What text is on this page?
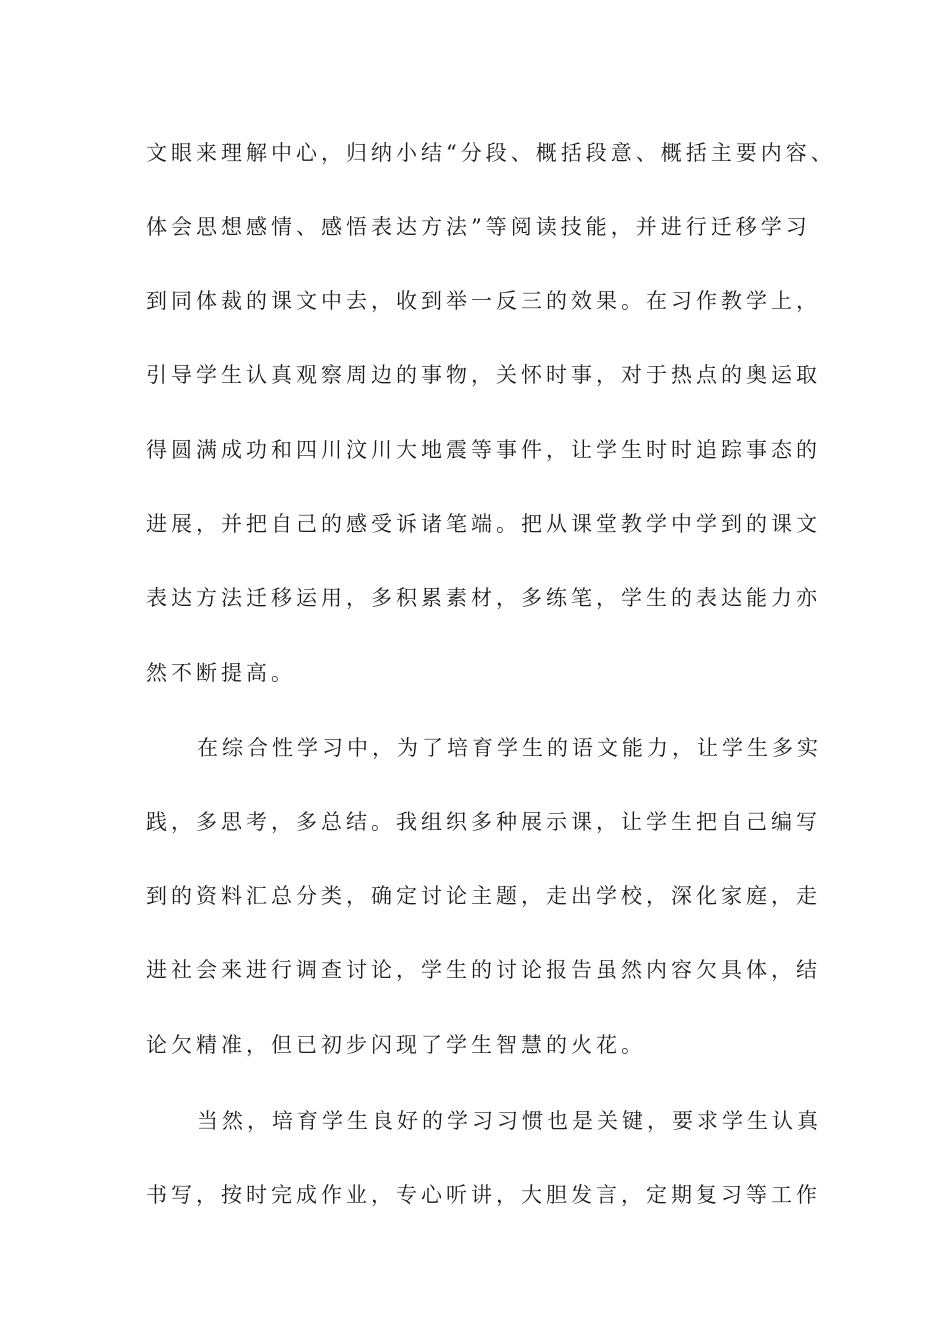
文眼来理解中心，归纳小结“分段、概括段意、概括主要内容、
体会思想感情、感悟表达方法”等阅读技能，并进行迁移学习
到同体裁的课文中去，收到举一反三的效果。在习作教学上，
引导学生认真观察周边的事物，关怀时事，对于热点的奥运取
得圆满成功和四川汶川大地震等事件，让学生时时追踪事态的
进展，并把自己的感受诉诸笔端。把从课堂教学中学到的课文
表达方法迁移运用，多积累素材，多练笔，学生的表达能力亦
然不断提高。
在综合性学习中，为了培育学生的语文能力，让学生多实
践，多思考，多总结。我组织多种展示课，让学生把自己编写
到的资料汇总分类，确定讨论主题，走出学校，深化家庭，走
进社会来进行调查讨论，学生的讨论报告虽然内容欠具体，结
论欠精准，但已初步闪现了学生智慧的火花。
当然，培育学生良好的学习习惯也是关键，要求学生认真
书写，按时完成作业，专心听讲，大胆发言，定期复习等工作
